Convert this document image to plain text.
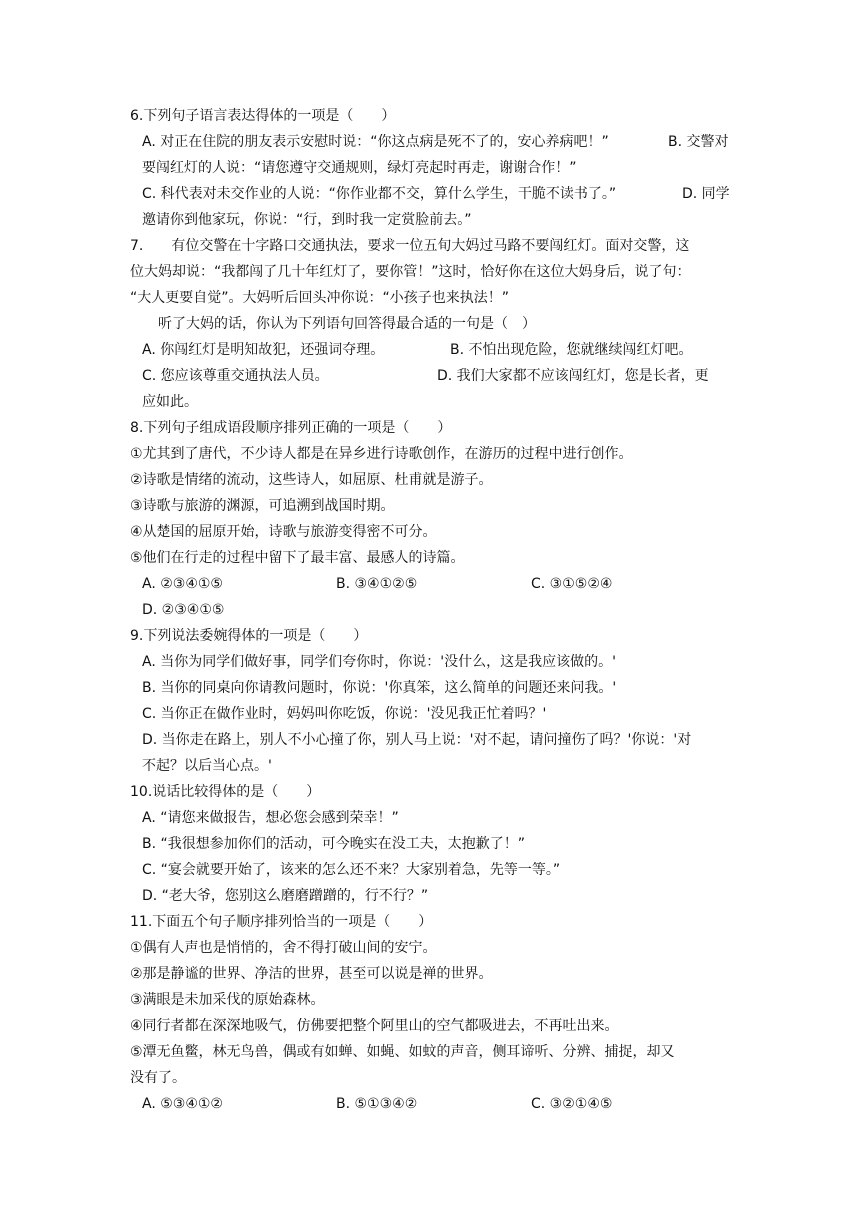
6.下列句子语言表达得体的一项是（　　）
A. 对正在住院的朋友表示安慰时说：“你这点病是死不了的，安心养病吧！”	B. 交警对
要闯红灯的人说：“请您遵守交通规则，绿灯亮起时再走，谢谢合作！”
C. 科代表对未交作业的人说：“你作业都不交，算什么学生，干脆不读书了。”	D. 同学
邀请你到他家玩，你说：“行，到时我一定赏脸前去。”
7.　　有位交警在十字路口交通执法，要求一位五旬大妈过马路不要闯红灯。面对交警，这
位大妈却说：“我都闯了几十年红灯了，要你管！”这时，恰好你在这位大妈身后，说了句：
“大人更要自觉”。大妈听后回头冲你说：“小孩子也来执法！”
听了大妈的话，你认为下列语句回答得最合适的一句是（　）
A. 你闯红灯是明知故犯，还强词夺理。	B. 不怕出现危险，您就继续闯红灯吧。
C. 您应该尊重交通执法人员。	D. 我们大家都不应该闯红灯，您是长者，更
应如此。
8.下列句子组成语段顺序排列正确的一项是（　　）
①尤其到了唐代，不少诗人都是在异乡进行诗歌创作，在游历的过程中进行创作。
②诗歌是情绪的流动，这些诗人，如屈原、杜甫就是游子。
③诗歌与旅游的渊源，可追溯到战国时期。
④从楚国的屈原开始，诗歌与旅游变得密不可分。
⑤他们在行走的过程中留下了最丰富、最感人的诗篇。
A. ②③④①⑤	B. ③④①②⑤	C. ③①⑤②④
D. ②③④①⑤
9.下列说法委婉得体的一项是（　　）
A. 当你为同学们做好事，同学们夸你时，你说：'没什么，这是我应该做的。'
B. 当你的同桌向你请教问题时，你说：'你真笨，这么简单的问题还来问我。'
C. 当你正在做作业时，妈妈叫你吃饭，你说：'没见我正忙着吗？'
D. 当你走在路上，别人不小心撞了你，别人马上说：'对不起，请问撞伤了吗？'你说：'对
不起？以后当心点。'
10.说话比较得体的是（　　）
A. “请您来做报告，想必您会感到荣幸！”
B. “我很想参加你们的活动，可今晚实在没工夫，太抱歉了！”
C. “宴会就要开始了，该来的怎么还不来？大家别着急，先等一等。”
D. “老大爷，您别这么磨磨蹭蹭的，行不行？”
11.下面五个句子顺序排列恰当的一项是（　　）
①偶有人声也是悄悄的，舍不得打破山间的安宁。
②那是静谧的世界、净洁的世界，甚至可以说是禅的世界。
③满眼是未加采伐的原始森林。
④同行者都在深深地吸气，仿佛要把整个阿里山的空气都吸进去，不再吐出来。
⑤潭无鱼鳖，林无鸟兽，偶或有如蝉、如蝇、如蚊的声音，侧耳谛听、分辨、捕捉，却又
没有了。
A. ⑤③④①②	B. ⑤①③④②	C. ③②①④⑤
